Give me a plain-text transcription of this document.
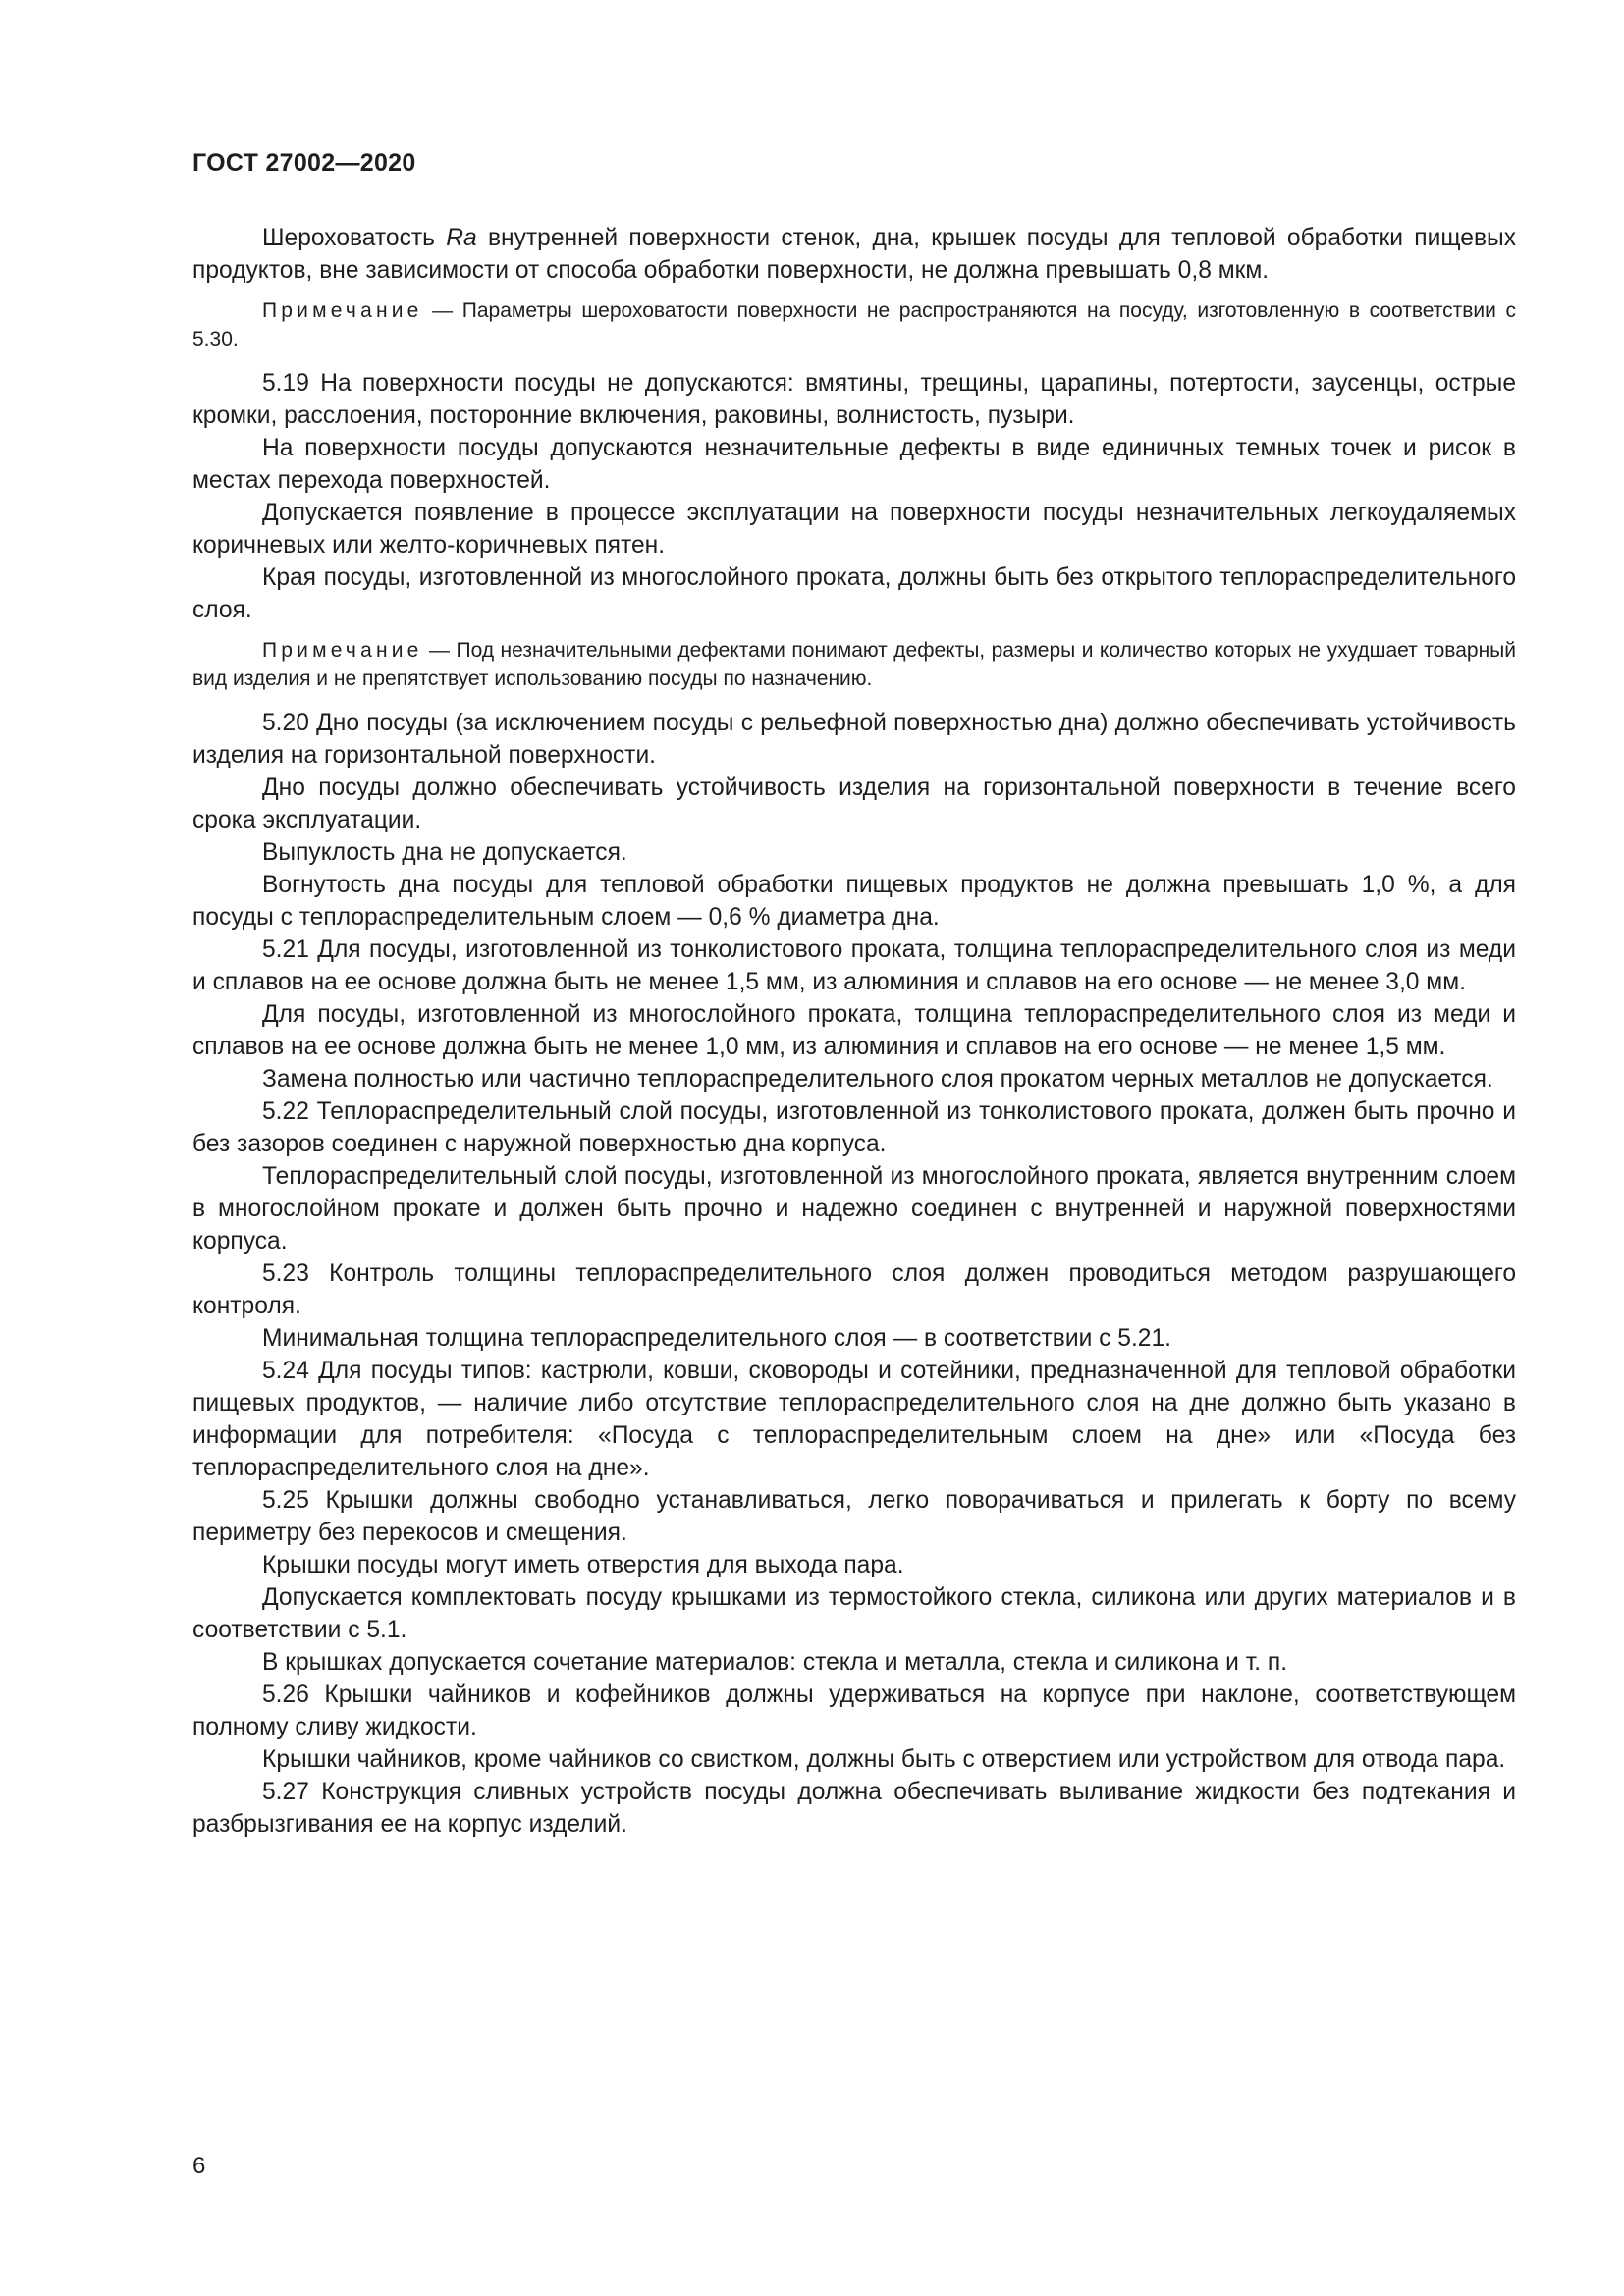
ГОСТ 27002—2020

Шероховатость Ra внутренней поверхности стенок, дна, крышек посуды для тепловой обработки пищевых продуктов, вне зависимости от способа обработки поверхности, не должна превышать 0,8 мкм.

Примечание — Параметры шероховатости поверхности не распространяются на посуду, изготовленную в соответствии с 5.30.

5.19 На поверхности посуды не допускаются: вмятины, трещины, царапины, потертости, заусенцы, острые кромки, расслоения, посторонние включения, раковины, волнистость, пузыри.

На поверхности посуды допускаются незначительные дефекты в виде единичных темных точек и рисок в местах перехода поверхностей.

Допускается появление в процессе эксплуатации на поверхности посуды незначительных легкоудаляемых коричневых или желто-коричневых пятен.

Края посуды, изготовленной из многослойного проката, должны быть без открытого теплораспределительного слоя.

Примечание — Под незначительными дефектами понимают дефекты, размеры и количество которых не ухудшает товарный вид изделия и не препятствует использованию посуды по назначению.

5.20 Дно посуды (за исключением посуды с рельефной поверхностью дна) должно обеспечивать устойчивость изделия на горизонтальной поверхности.

Дно посуды должно обеспечивать устойчивость изделия на горизонтальной поверхности в течение всего срока эксплуатации.

Выпуклость дна не допускается.

Вогнутость дна посуды для тепловой обработки пищевых продуктов не должна превышать 1,0 %, а для посуды с теплораспределительным слоем — 0,6 % диаметра дна.

5.21 Для посуды, изготовленной из тонколистового проката, толщина теплораспределительного слоя из меди и сплавов на ее основе должна быть не менее 1,5 мм, из алюминия и сплавов на его основе — не менее 3,0 мм.

Для посуды, изготовленной из многослойного проката, толщина теплораспределительного слоя из меди и сплавов на ее основе должна быть не менее 1,0 мм, из алюминия и сплавов на его основе — не менее 1,5 мм.

Замена полностью или частично теплораспределительного слоя прокатом черных металлов не допускается.

5.22 Теплораспределительный слой посуды, изготовленной из тонколистового проката, должен быть прочно и без зазоров соединен с наружной поверхностью дна корпуса.

Теплораспределительный слой посуды, изготовленной из многослойного проката, является внутренним слоем в многослойном прокате и должен быть прочно и надежно соединен с внутренней и наружной поверхностями корпуса.

5.23 Контроль толщины теплораспределительного слоя должен проводиться методом разрушающего контроля.

Минимальная толщина теплораспределительного слоя — в соответствии с 5.21.

5.24 Для посуды типов: кастрюли, ковши, сковороды и сотейники, предназначенной для тепловой обработки пищевых продуктов, — наличие либо отсутствие теплораспределительного слоя на дне должно быть указано в информации для потребителя: «Посуда с теплораспределительным слоем на дне» или «Посуда без теплораспределительного слоя на дне».

5.25 Крышки должны свободно устанавливаться, легко поворачиваться и прилегать к борту по всему периметру без перекосов и смещения.

Крышки посуды могут иметь отверстия для выхода пара.

Допускается комплектовать посуду крышками из термостойкого стекла, силикона или других материалов и в соответствии с 5.1.

В крышках допускается сочетание материалов: стекла и металла, стекла и силикона и т. п.

5.26 Крышки чайников и кофейников должны удерживаться на корпусе при наклоне, соответствующем полному сливу жидкости.

Крышки чайников, кроме чайников со свистком, должны быть с отверстием или устройством для отвода пара.

5.27 Конструкция сливных устройств посуды должна обеспечивать выливание жидкости без подтекания и разбрызгивания ее на корпус изделий.

6
